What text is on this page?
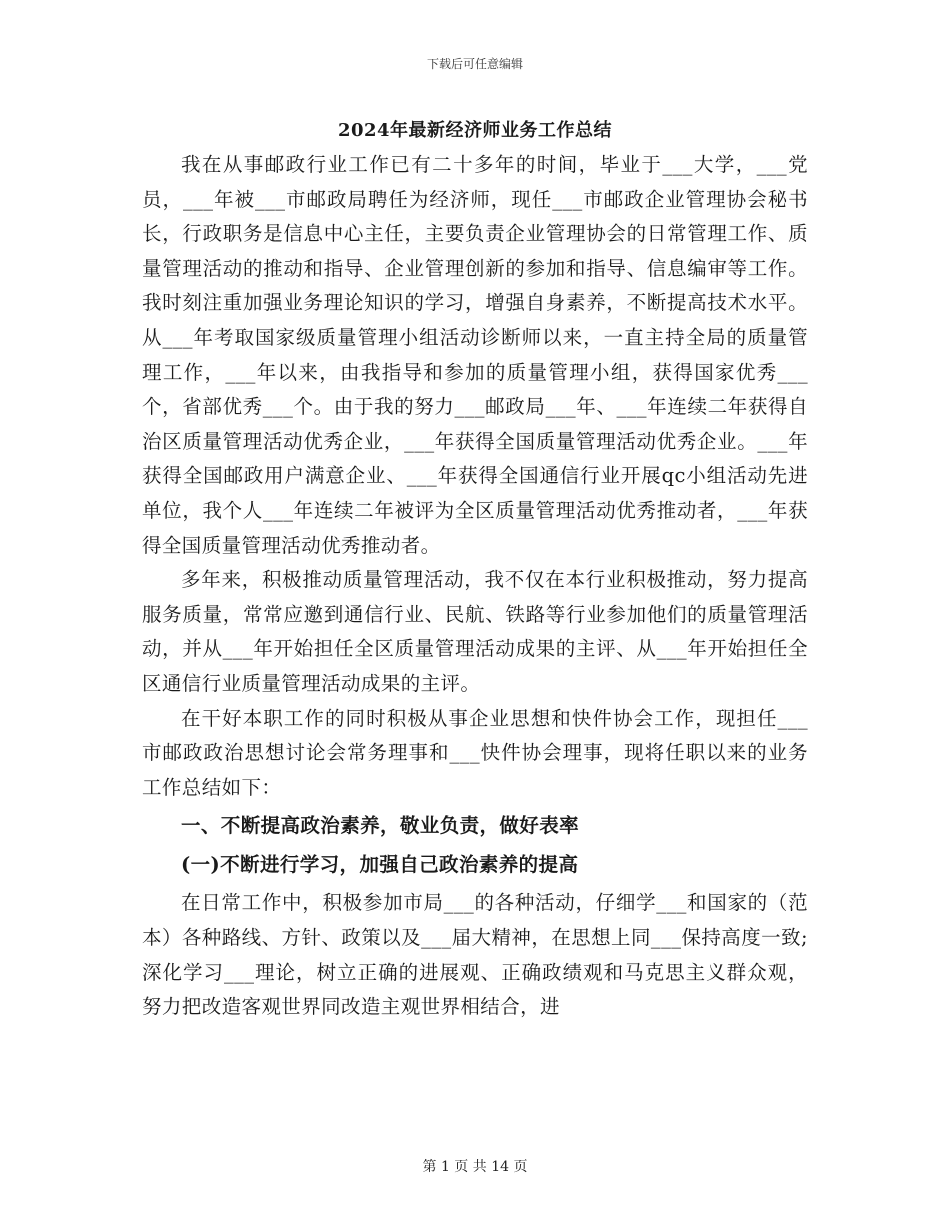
下载后可任意编辑
2024年最新经济师业务工作总结

我在从事邮政行业工作已有二十多年的时间，毕业于___大学，___党员，___年被___市邮政局聘任为经济师，现任___市邮政企业管理协会秘书长，行政职务是信息中心主任，主要负责企业管理协会的日常管理工作、质量管理活动的推动和指导、企业管理创新的参加和指导、信息编审等工作。我时刻注重加强业务理论知识的学习，增强自身素养，不断提高技术水平。从___年考取国家级质量管理小组活动诊断师以来，一直主持全局的质量管理工作，___年以来，由我指导和参加的质量管理小组，获得国家优秀___个，省部优秀___个。由于我的努力___邮政局___年、___年连续二年获得自治区质量管理活动优秀企业，___年获得全国质量管理活动优秀企业。___年获得全国邮政用户满意企业、___年获得全国通信行业开展qc小组活动先进单位，我个人___年连续二年被评为全区质量管理活动优秀推动者，___年获得全国质量管理活动优秀推动者。

多年来，积极推动质量管理活动，我不仅在本行业积极推动，努力提高服务质量，常常应邀到通信行业、民航、铁路等行业参加他们的质量管理活动，并从___年开始担任全区质量管理活动成果的主评、从___年开始担任全区通信行业质量管理活动成果的主评。

在干好本职工作的同时积极从事企业思想和快件协会工作，现担任___市邮政政治思想讨论会常务理事和___快件协会理事，现将任职以来的业务工作总结如下：

一、不断提高政治素养，敬业负责，做好表率

(一)不断进行学习，加强自己政治素养的提高

在日常工作中，积极参加市局___的各种活动，仔细学___和国家的（范本）各种路线、方针、政策以及___届大精神，在思想上同___保持高度一致;深化学习___理论，树立正确的进展观、正确政绩观和马克思主义群众观，努力把改造客观世界同改造主观世界相结合，进

第 1 页 共 14 页
